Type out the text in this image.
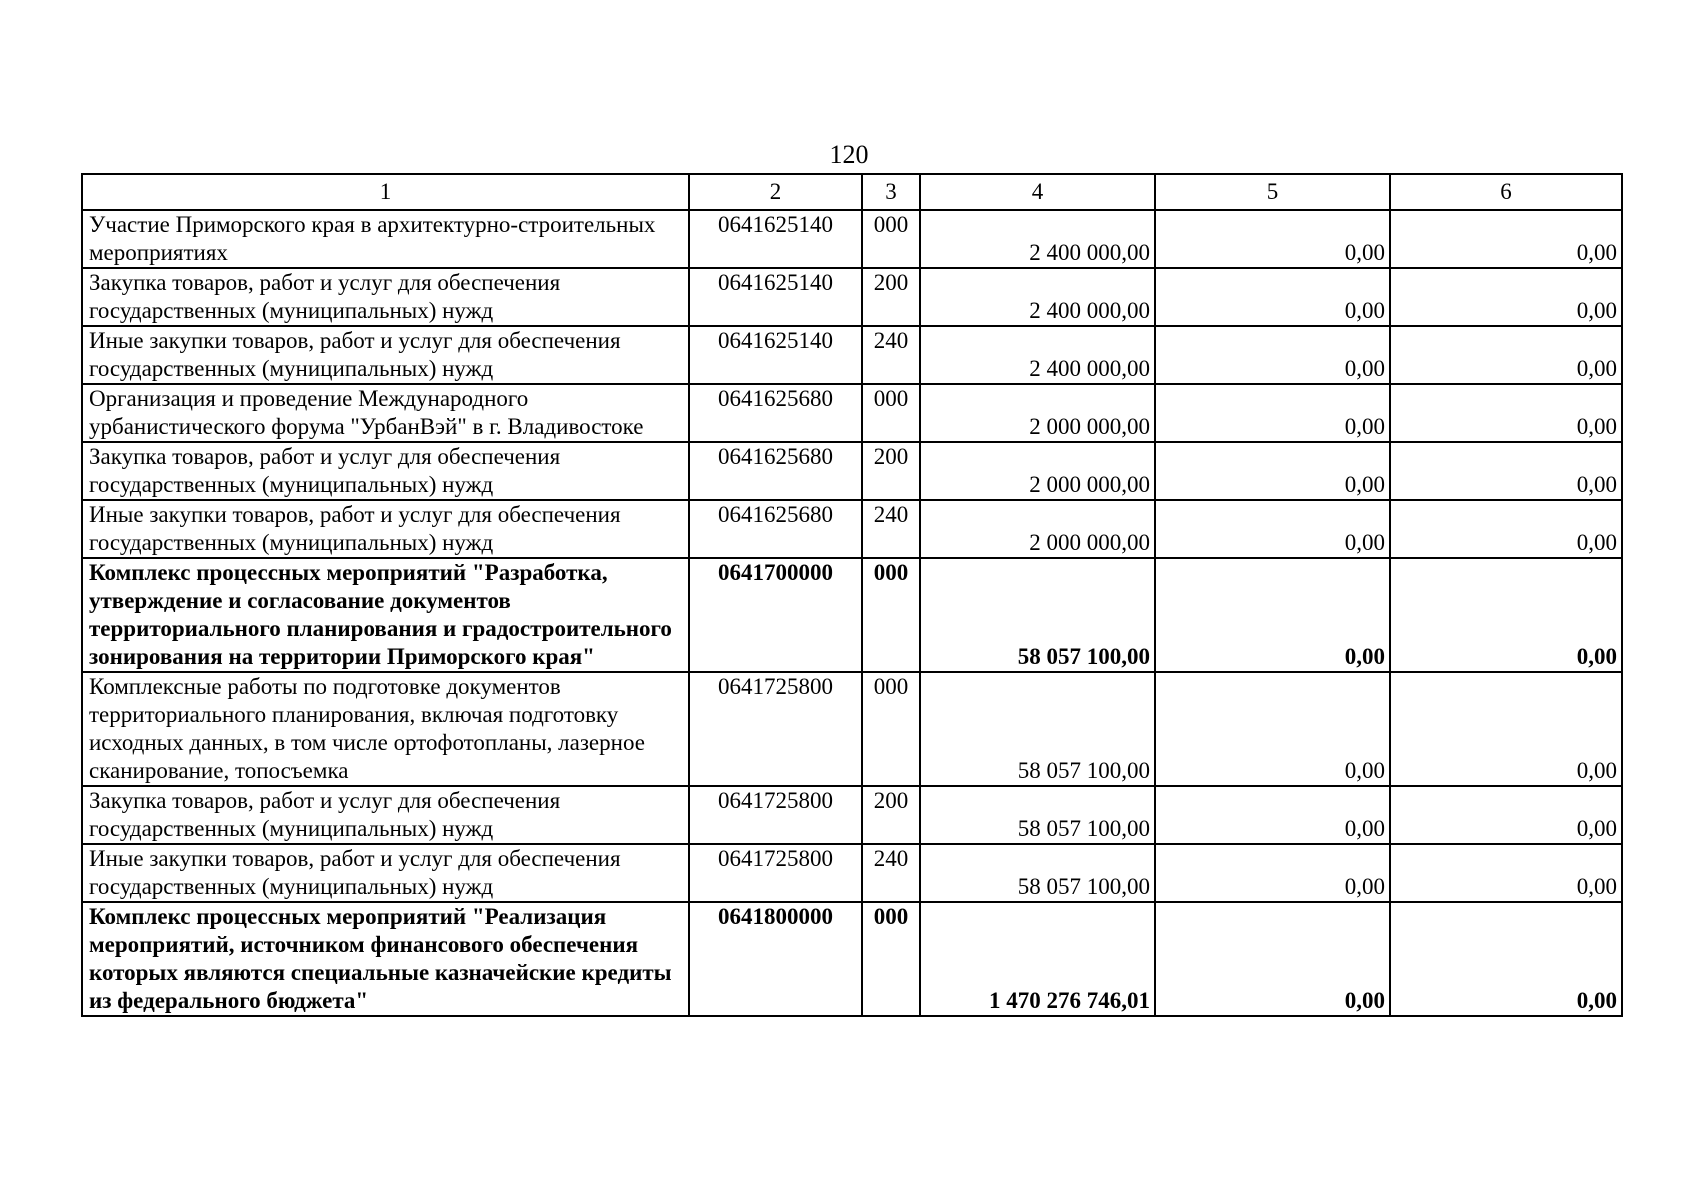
120
1	2	3	4	5	6
Участие Приморского края в архитектурно-строительных мероприятиях	0641625140	000	2 400 000,00	0,00	0,00
Закупка товаров, работ и услуг для обеспечения государственных (муниципальных) нужд	0641625140	200	2 400 000,00	0,00	0,00
Иные закупки товаров, работ и услуг для обеспечения государственных (муниципальных) нужд	0641625140	240	2 400 000,00	0,00	0,00
Организация и проведение Международного урбанистического форума "УрбанВэй" в г. Владивостоке	0641625680	000	2 000 000,00	0,00	0,00
Закупка товаров, работ и услуг для обеспечения государственных (муниципальных) нужд	0641625680	200	2 000 000,00	0,00	0,00
Иные закупки товаров, работ и услуг для обеспечения государственных (муниципальных) нужд	0641625680	240	2 000 000,00	0,00	0,00
Комплекс процессных мероприятий "Разработка, утверждение и согласование документов территориального планирования и градостроительного зонирования на территории Приморского края"	0641700000	000	58 057 100,00	0,00	0,00
Комплексные работы по подготовке документов территориального планирования, включая подготовку исходных данных, в том числе ортофотопланы, лазерное сканирование, топосъемка	0641725800	000	58 057 100,00	0,00	0,00
Закупка товаров, работ и услуг для обеспечения государственных (муниципальных) нужд	0641725800	200	58 057 100,00	0,00	0,00
Иные закупки товаров, работ и услуг для обеспечения государственных (муниципальных) нужд	0641725800	240	58 057 100,00	0,00	0,00
Комплекс процессных мероприятий "Реализация мероприятий, источником финансового обеспечения которых являются специальные казначейские кредиты из федерального бюджета"	0641800000	000	1 470 276 746,01	0,00	0,00
